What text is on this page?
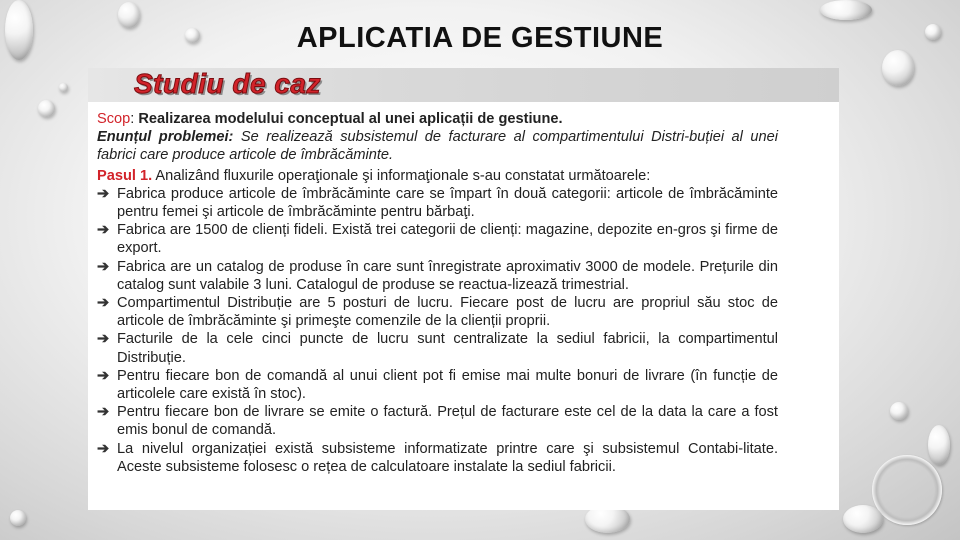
APLICATIA DE GESTIUNE
Studiu de caz

Scop: Realizarea modelului conceptual al unei aplicații de gestiune.

Enunțul problemei: Se realizează subsistemul de facturare al compartimentului Distri-buției al unei fabrici care produce articole de îmbrăcăminte.

Pasul 1. Analizând fluxurile operaţionale şi informaţionale s-au constatat următoarele:

➔ Fabrica produce articole de îmbrăcăminte care se împart în două categorii: articole de îmbrăcăminte pentru femei şi articole de îmbrăcăminte pentru bărbaţi.
➔ Fabrica are 1500 de clienți fideli. Există trei categorii de clienți: magazine, depozite en-gros şi firme de export.
➔ Fabrica are un catalog de produse în care sunt înregistrate aproximativ 3000 de modele. Prețurile din catalog sunt valabile 3 luni. Catalogul de produse se reactua-lizează trimestrial.
➔ Compartimentul Distribuție are 5 posturi de lucru. Fiecare post de lucru are propriul său stoc de articole de îmbrăcăminte şi primeşte comenzile de la clienții proprii.
➔ Facturile de la cele cinci puncte de lucru sunt centralizate la sediul fabricii, la compartimentul Distribuție.
➔ Pentru fiecare bon de comandă al unui client pot fi emise mai multe bonuri de livrare (în funcție de articolele care există în stoc).
➔ Pentru fiecare bon de livrare se emite o factură. Prețul de facturare este cel de la data la care a fost emis bonul de comandă.
➔ La nivelul organizației există subsisteme informatizate printre care şi subsistemul Contabi-litate. Aceste subsisteme folosesc o rețea de calculatoare instalate la sediul fabricii.
